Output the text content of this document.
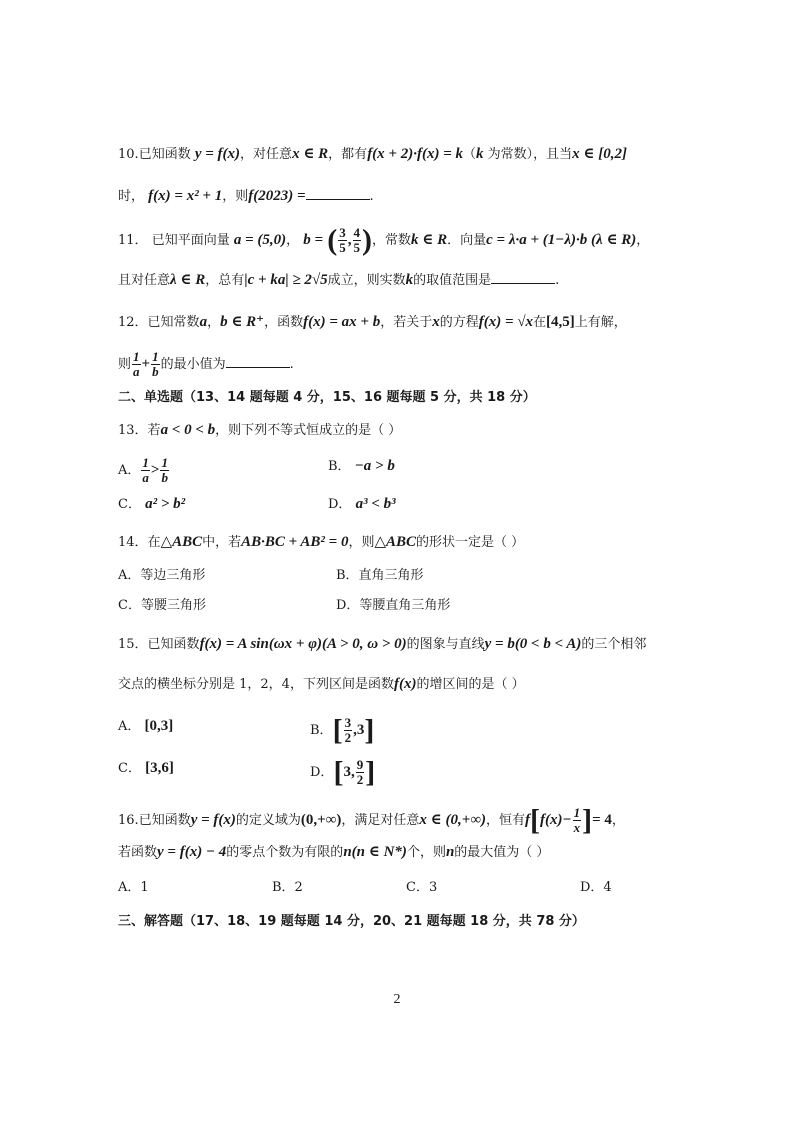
10.已知函数 y = f(x)，对任意x ∈ R，都有f(x + 2)·f(x) = k（k 为常数），且当x ∈ [0,2]
时， f(x) = x² + 1，则f(2023) =	.
11． 已知平面向量 a = (5,0)， b = ( $\frac{3}{5}$ , $\frac{4}{5}$ )，常数k ∈ R．向量c = λ·a + (1−λ)·b (λ ∈ R)，
且对任意λ ∈ R，总有|c + ka| ≥ 2√5成立，则实数k的取值范围是	.
12．已知常数a，b ∈ R⁺，函数f(x) = ax + b，若关于x的方程f(x) = √x在[4,5]上有解，
则 $\frac{1}{a} + \frac{1}{b}$ 的最小值为	.
二、单选题（13、14 题每题 4 分，15、16 题每题 5 分，共 18 分）
13．若a < 0 < b，则下列不等式恒成立的是（ ）
A． $\frac{1}{a} > \frac{1}{b}$	B． −a > b
C． a² > b²	D． a³ < b³
14．在△ABC中，若AB·BC + AB² = 0，则△ABC的形状一定是（ ）
A．等边三角形	B．直角三角形
C．等腰三角形	D．等腰直角三角形
15．已知函数f(x) = A sin(ωx + φ)(A > 0, ω > 0)的图象与直线y = b(0 < b < A)的三个相邻
交点的横坐标分别是 1，2，4，下列区间是函数f(x)的增区间的是（ ）
A． [0,3]	B．[ $\frac{3}{2} ,3$]
C． [3,6]	D．[3, $\frac{9}{2}$ ]
16.已知函数y = f(x)的定义域为(0,+∞)，满足对任意x ∈ (0,+∞)，恒有$f[f(x)- \frac{1}{x}$ ]= 4，
若函数y = f(x) − 4的零点个数为有限的n(n ∈ N*)个，则n的最大值为（ ）
A．1	B．2	C．3	D．4
三、解答题（17、18、19 题每题 14 分，20、21 题每题 18 分，共 78 分）
2
